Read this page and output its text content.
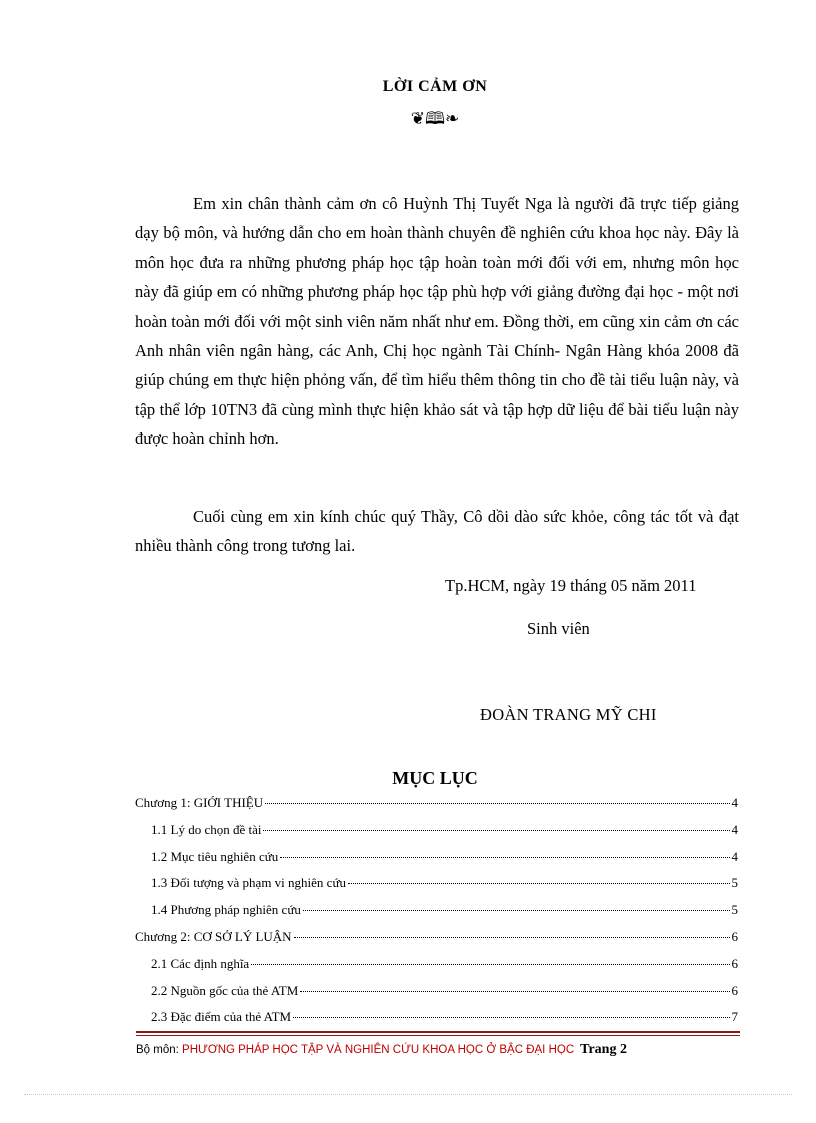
LỜI CẢM ƠN
❦🕮❧
Em xin chân thành cảm ơn cô Huỳnh Thị Tuyết Nga là người đã trực tiếp giảng dạy bộ môn, và hướng dẫn cho em hoàn thành chuyên đề nghiên cứu khoa học này. Đây là môn học đưa ra những phương pháp học tập hoàn toàn mới đối với em, nhưng môn học này đã giúp em có những phương pháp học tập phù hợp với giảng đường đại học - một nơi hoàn toàn mới đối với một sinh viên năm nhất như em. Đồng thời, em cũng xin cảm ơn các Anh nhân viên ngân hàng, các Anh, Chị học ngành Tài Chính- Ngân Hàng khóa 2008 đã giúp chúng em thực hiện phỏng vấn, để tìm hiểu thêm thông tin cho đề tài tiểu luận này, và tập thể lớp 10TN3 đã cùng mình thực hiện khảo sát và tập hợp dữ liệu để bài tiểu luận này được hoàn chỉnh hơn.
Cuối cùng em xin kính chúc quý Thầy, Cô dồi dào sức khỏe, công tác tốt và đạt nhiều thành công trong tương lai.
Tp.HCM, ngày 19 tháng 05 năm 2011
Sinh viên
ĐOÀN TRANG MỸ CHI
MỤC LỤC
Chương 1: GIỚI THIỆU	4
1.1 Lý do chọn đề tài	4
1.2 Mục tiêu nghiên cứu	4
1.3 Đối tượng và phạm vi nghiên cứu	5
1.4 Phương pháp nghiên cứu	5
Chương 2: CƠ SỞ LÝ LUẬN	6
2.1 Các định nghĩa	6
2.2 Nguồn gốc của thẻ ATM	6
2.3 Đặc điểm của thẻ ATM	7
Bộ môn: PHƯƠNG PHÁP HỌC TẬP VÀ NGHIÊN CỨU KHOA HỌC Ở BẬC ĐẠI HỌC Trang 2
